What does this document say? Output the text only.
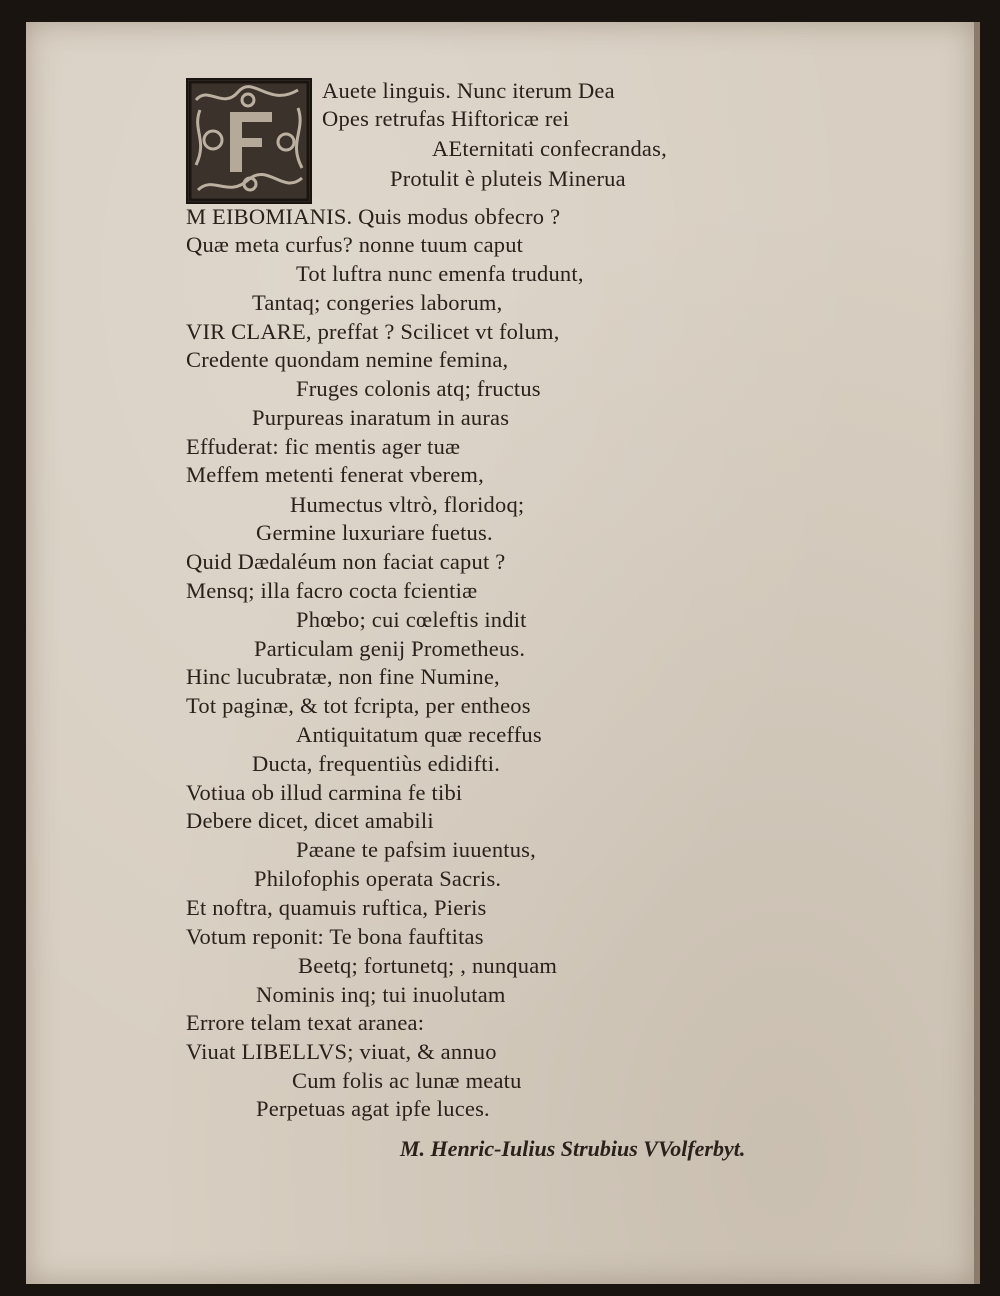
Auete linguis. Nunc iterum Dea
Opes retrufas Hiftoricæ rei
AEternitati confecrandas,
Protulit è pluteis Minerua
M EIBOMIANIS. Quis modus obfecro ?
Quæ meta curfus? nonne tuum caput
Tot luftra nunc emenfa trudunt,
Tantaq; congeries laborum,
VIR CLARE, preffat ? Scilicet vt folum,
Credente quondam nemine femina,
Fruges colonis atq; fructus
Purpureas inaratum in auras
Effuderat: fic mentis ager tuæ
Meffem metenti fenerat vberem,
Humectus vltrò, floridoq;
Germine luxuriare fuetus.
Quid Dædaléum non faciat caput ?
Mensq; illa facro cocta fcientiæ
Phœbo; cui cœleftis indit
Particulam genij Prometheus.
Hinc lucubratæ, non fine Numine,
Tot paginæ, & tot fcripta, per entheos
Antiquitatum quæ receffus
Ducta, frequentiùs edidifti.
Votiua ob illud carmina fe tibi
Debere dicet, dicet amabili
Pæane te pafsim iuuentus,
Philofophis operata Sacris.
Et noftra, quamuis ruftica, Pieris
Votum reponit: Te bona fauftitas
Beetq; fortunetq; , nunquam
Nominis inq; tui inuolutam
Errore telam texat aranea:
Viuat LIBELLVS; viuat, & annuo
Cum folis ac lunæ meatu
Perpetuas agat ipfe luces.
M. Henric-Iulius Strubius VVolferbyt.
